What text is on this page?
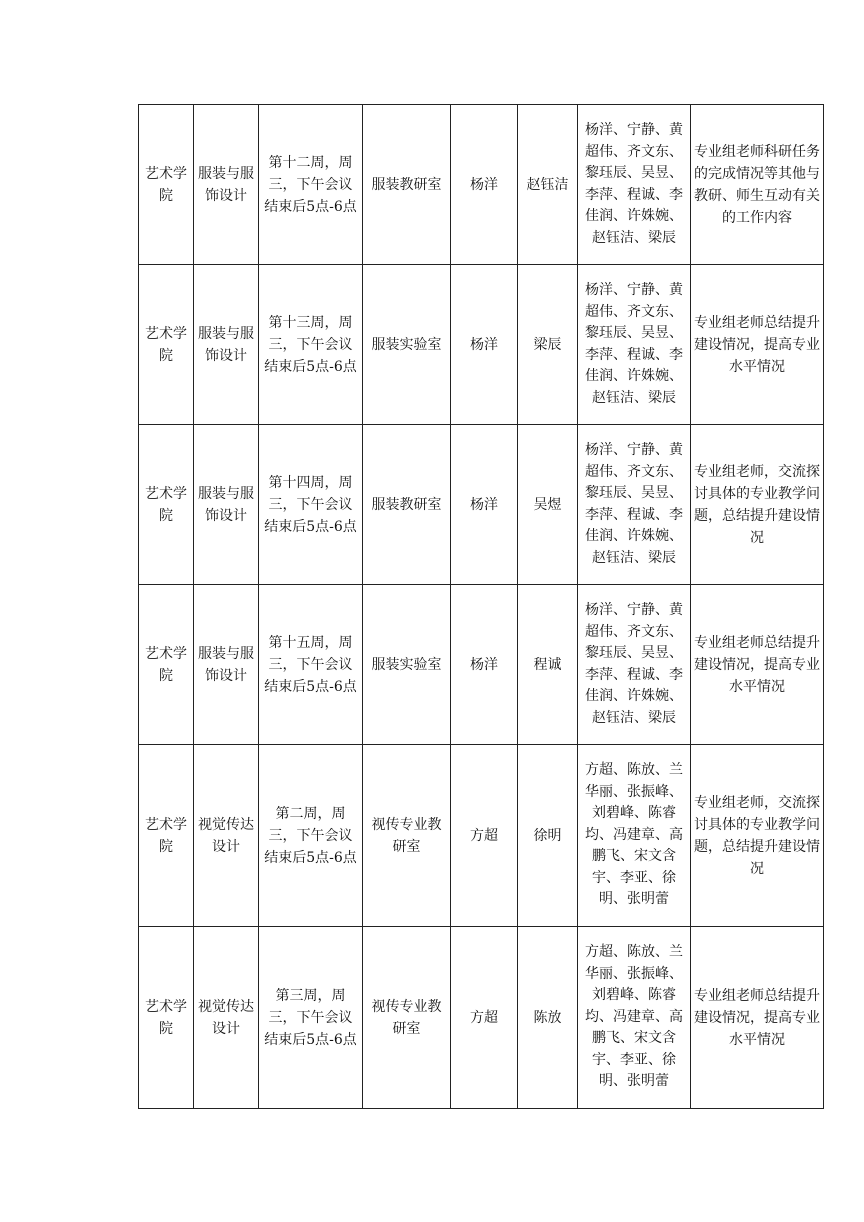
艺术学院	服装与服饰设计	第十二周，周三，下午会议结束后5点-6点	服装教研室	杨洋	赵钰洁	杨洋、宁静、黄超伟、齐文东、黎珏辰、吴昱、李萍、程诚、李佳润、许姝婉、赵钰洁、梁辰	专业组老师科研任务的完成情况等其他与教研、师生互动有关的工作内容
艺术学院	服装与服饰设计	第十三周，周三，下午会议结束后5点-6点	服装实验室	杨洋	梁辰	杨洋、宁静、黄超伟、齐文东、黎珏辰、吴昱、李萍、程诚、李佳润、许姝婉、赵钰洁、梁辰	专业组老师总结提升建设情况，提高专业水平情况
艺术学院	服装与服饰设计	第十四周，周三，下午会议结束后5点-6点	服装教研室	杨洋	吴煜	杨洋、宁静、黄超伟、齐文东、黎珏辰、吴昱、李萍、程诚、李佳润、许姝婉、赵钰洁、梁辰	专业组老师，交流探讨具体的专业教学问题，总结提升建设情况
艺术学院	服装与服饰设计	第十五周，周三，下午会议结束后5点-6点	服装实验室	杨洋	程诚	杨洋、宁静、黄超伟、齐文东、黎珏辰、吴昱、李萍、程诚、李佳润、许姝婉、赵钰洁、梁辰	专业组老师总结提升建设情况，提高专业水平情况
艺术学院	视觉传达设计	第二周，周三，下午会议结束后5点-6点	视传专业教研室	方超	徐明	方超、陈放、兰华丽、张振峰、刘碧峰、陈睿均、冯建章、高鹏飞、宋文含宇、李亚、徐明、张明蕾	专业组老师，交流探讨具体的专业教学问题，总结提升建设情况
艺术学院	视觉传达设计	第三周，周三，下午会议结束后5点-6点	视传专业教研室	方超	陈放	方超、陈放、兰华丽、张振峰、刘碧峰、陈睿均、冯建章、高鹏飞、宋文含宇、李亚、徐明、张明蕾	专业组老师总结提升建设情况，提高专业水平情况
